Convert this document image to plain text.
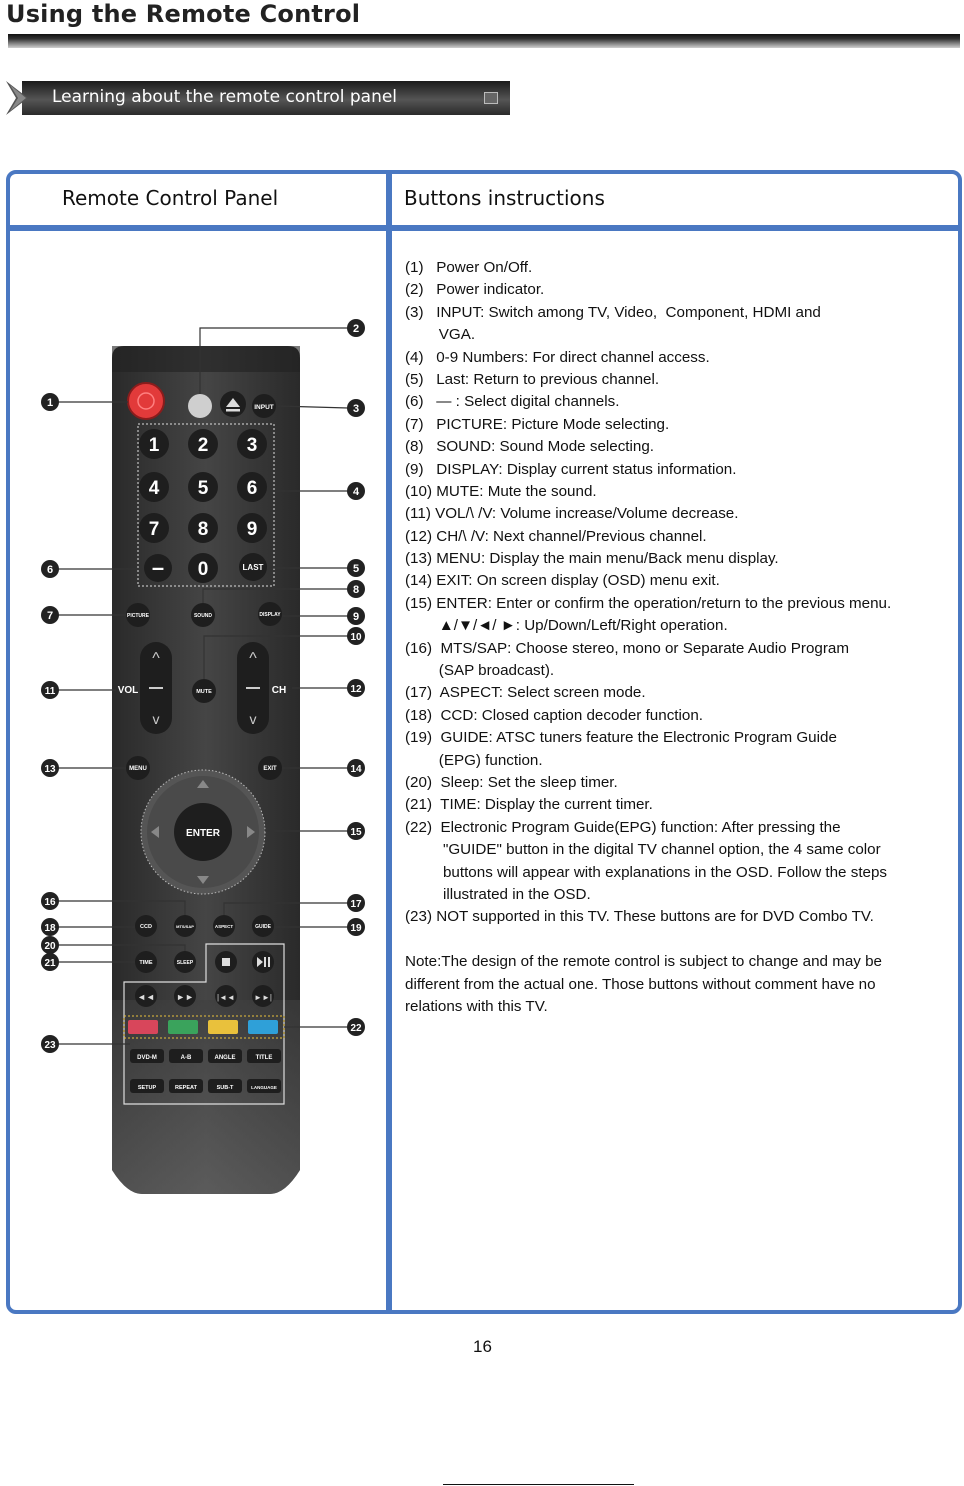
Using the Remote Control
Learning about the remote control panel
Remote Control Panel	Buttons instructions
INPUT
1 2 3
4 5 6
7 8 9
0
–	LAST
PICTURE	SOUND	DISPLAY
^
v
VOL	MUTE
^
v
CH
MENU	EXIT
ENTER
CCD	MTS/SAP	ASPECT	GUIDE
TIME	SLEEP
◄◄ ►►	|◄◄ ►►|
DVD-M	A-B	ANGLE	TITLE
SETUP	REPEAT	SUB-T	LANGUAGE
1
2
3
4
5
6
7
8
9
10
11	12
13	14
15
16	17
18	19
20
21
22
23
(1)   Power On/Off.
(2)   Power indicator.
(3)   INPUT: Switch among TV, Video,  Component, HDMI and
VGA.
(4)   0-9 Numbers: For direct channel access.
(5)   Last: Return to previous channel.
(6)   — : Select digital channels.
(7)   PICTURE: Picture Mode selecting.
(8)   SOUND: Sound Mode selecting.
(9)   DISPLAY: Display current status information.
(10) MUTE: Mute the sound.
(11) VOL/\ /V: Volume increase/Volume decrease.
(12) CH/\ /V: Next channel/Previous channel.
(13) MENU: Display the main menu/Back menu display.
(14) EXIT: On screen display (OSD) menu exit.
(15) ENTER: Enter or confirm the operation/return to the previous menu.
▲/▼/◄/ ►: Up/Down/Left/Right operation.
(16)  MTS/SAP: Choose stereo, mono or Separate Audio Program
(SAP broadcast).
(17)  ASPECT: Select screen mode.
(18)  CCD: Closed caption decoder function.
(19)  GUIDE: ATSC tuners feature the Electronic Program Guide
(EPG) function.
(20)  Sleep: Set the sleep timer.
(21)  TIME: Display the current timer.
(22)  Electronic Program Guide(EPG) function: After pressing the
"GUIDE" button in the digital TV channel option, the 4 same color
buttons will appear with explanations in the OSD. Follow the steps
illustrated in the OSD.
(23) NOT supported in this TV. These buttons are for DVD Combo TV.
Note:The design of the remote control is subject to change and may be
different from the actual one. Those buttons without comment have no
relations with this TV.
16
